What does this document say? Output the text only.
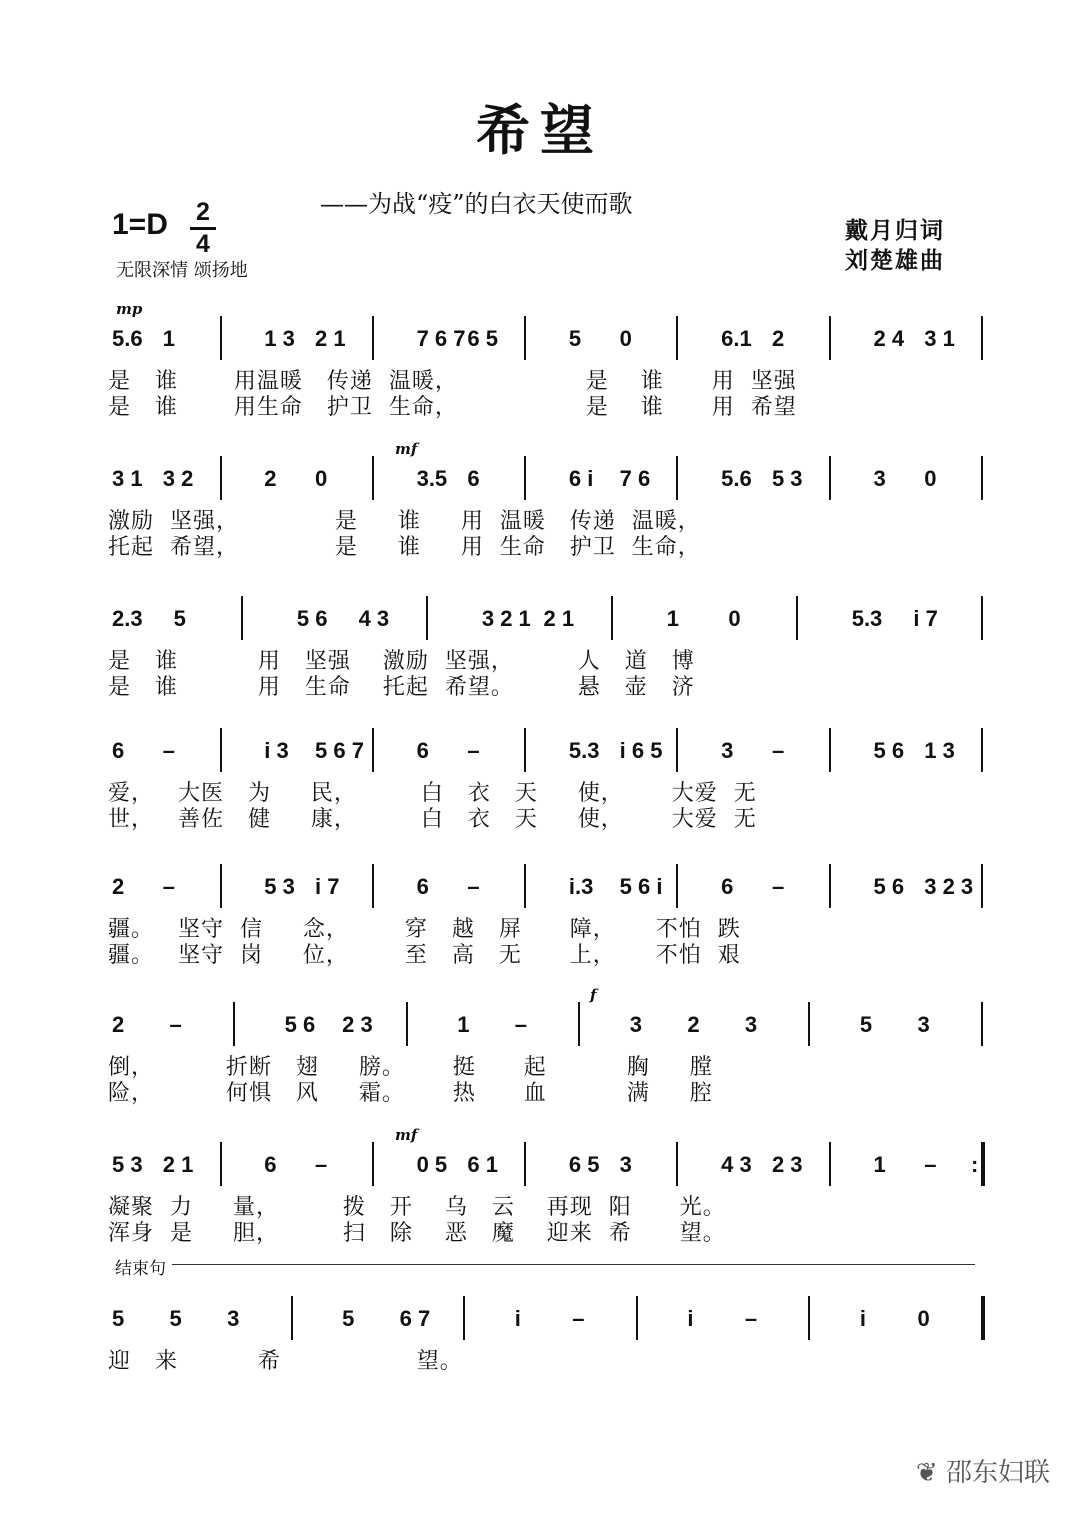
希望
——为战“疫”的白衣天使而歌
1=D 2
4
无限深情 颂扬地
戴月归词
刘楚雄曲
mp
5.6 1	1 3 2 1	7 6 7 6 5	5 0	6.1 2	2 4 3 1
是   谁       用温暖   传递  温暖，                是    谁      用  坚强
是   谁       用生命   护卫  生命，                是    谁      用  希望
mf
3 1 3 2	2 0	3.5 6	6 i 7 6	5.6 5 3	3 0
激励  坚强，            是     谁     用  温暖   传递  温暖，
托起  希望，            是     谁     用  生命   护卫  生命，
2.3 5	5 6 4 3	3 2 1 2 1	1 0	5.3 i 7
是   谁          用   坚强    激励  坚强，        人   道   博
是   谁          用   生命    托起  希望。        悬   壶   济
6 –	i 3 5 6 7 6 –	5.3 i 6 5	3 –	5 6 1 3
爱，   大医   为     民，        白   衣   天     使，      大爱  无
世，   善佐   健     康，        白   衣   天     使，      大爱  无
2 –	5 3 i 7	6 –	i.3 5 6 i	6 –	5 6 3 2 3
疆。   坚守  信     念，       穿   越   屏      障，     不怕  跌
疆。   坚守  岗     位，       至   高   无      上，     不怕  艰
f
2 –	5 6 2 3	1 –	3 2 3	5 3
倒，         折断   翅     膀。      挺      起          胸     膛
险，         何惧   风     霜。      热      血          满     腔
mf
5 3 2 1	6 –	0 5 6 1	6 5 3	4 3 2 3	1 – :
凝聚  力     量，        拨   开    乌   云    再现  阳      光。
浑身  是     胆，        扫   除    恶   魔    迎来  希      望。
5 5 3	5 6 7	i –	i –	i 0
迎   来          希                 望。
结束句
❦ 邵东妇联
